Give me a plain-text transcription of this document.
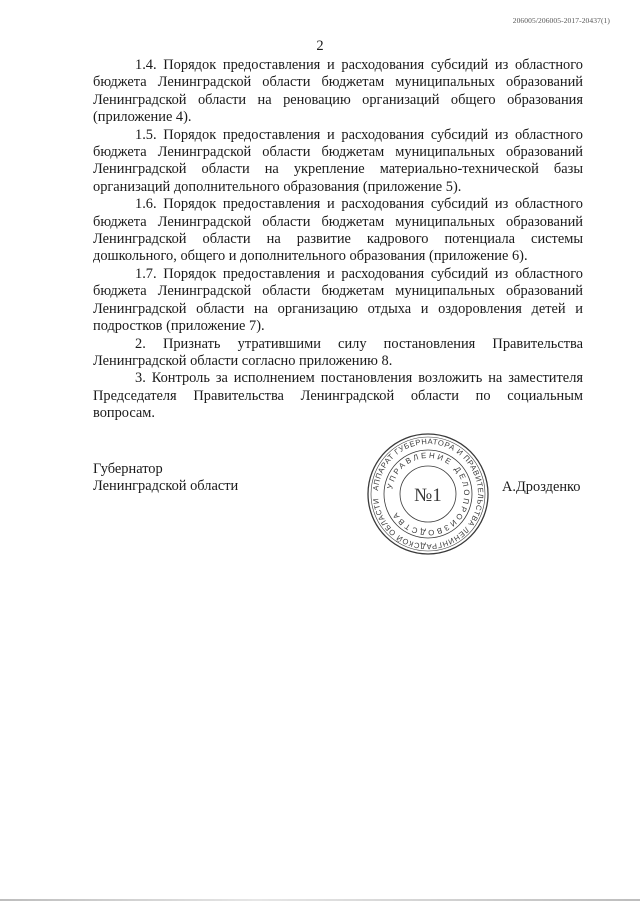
206005/206005-2017-20437(1)
2

1.4. Порядок предоставления и расходования субсидий из областного бюджета Ленинградской области бюджетам муниципальных образований Ленинградской области на реновацию организаций общего образования (приложение 4).

1.5. Порядок предоставления и расходования субсидий из областного бюджета Ленинградской области бюджетам муниципальных образований Ленинградской области на укрепление материально-технической базы организаций дополнительного образования (приложение 5).

1.6. Порядок предоставления и расходования субсидий из областного бюджета Ленинградской области бюджетам муниципальных образований Ленинградской области на развитие кадрового потенциала системы дошкольного, общего и дополнительного образования (приложение 6).

1.7. Порядок предоставления и расходования субсидий из областного бюджета Ленинградской области бюджетам муниципальных образований Ленинградской области на организацию отдыха и оздоровления детей и подростков (приложение 7).

2. Признать утратившими силу постановления Правительства Ленинградской области согласно приложению 8.

3. Контроль за исполнением постановления возложить на заместителя Председателя Правительства Ленинградской области по социальным вопросам.

Губернатор
Ленинградской области	А.Дрозденко
АППАРАТ ГУБЕРНАТОРА И ПРАВИТЕЛЬСТВА ЛЕНИНГРАДСКОЙ ОБЛАСТИ
УПРАВЛЕНИЕ ДЕЛОПРОИЗВОДСТВА
№1
